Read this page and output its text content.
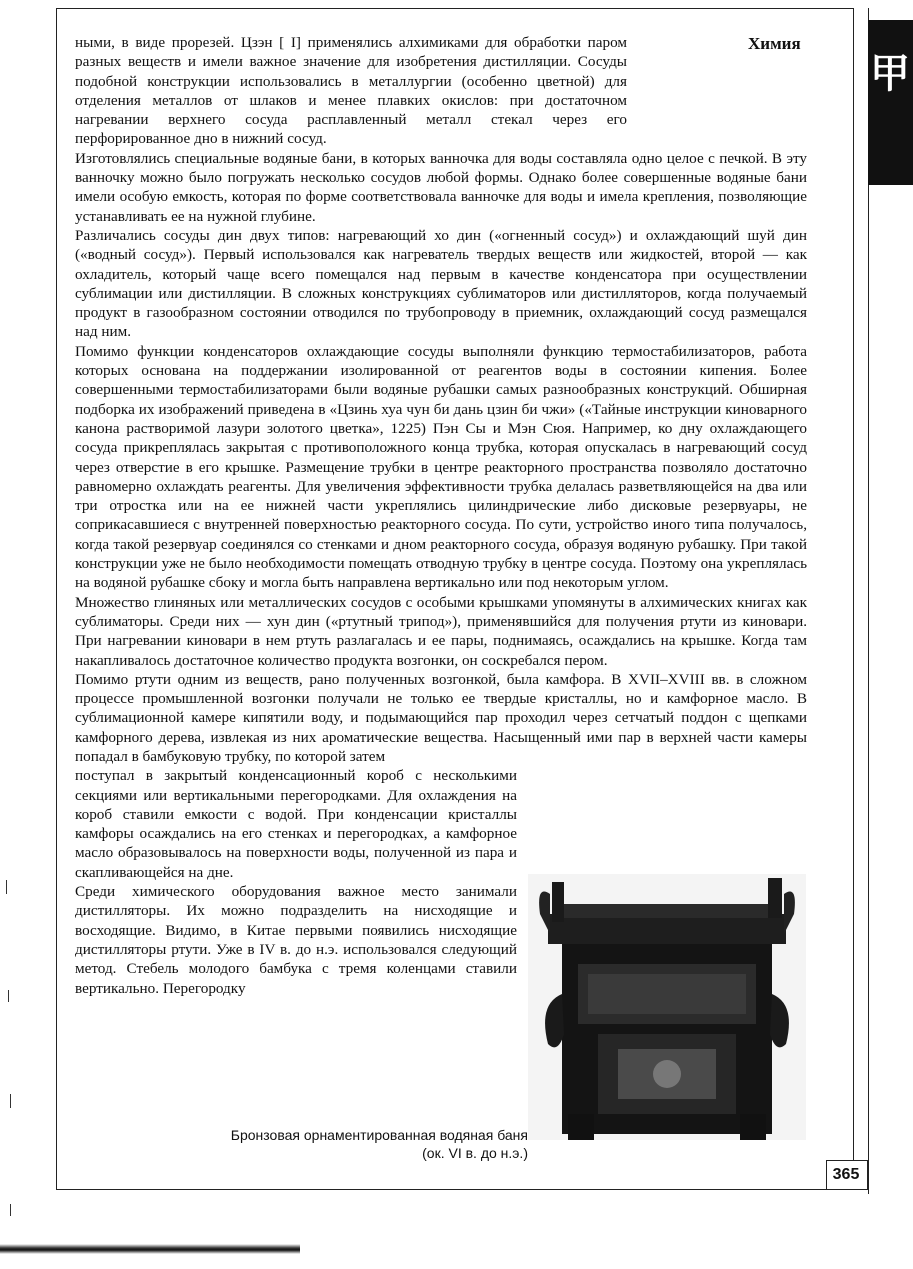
甲
Химия

ными, в виде прорезей. Цзэн [ I] применялись алхимиками для обработки паром разных веществ и имели важное значение для изобретения дистилляции. Сосуды подобной конструкции использовались в металлургии (особенно цветной) для отделения металлов от шлаков и менее плавких окислов: при достаточном нагревании верхнего сосуда расплавленный металл стекал через его перфорированное дно в нижний сосуд.

Изготовлялись специальные водяные бани, в которых ванночка для воды составляла одно целое с печкой. В эту ванночку можно было погружать несколько сосудов любой формы. Однако более совершенные водяные бани имели особую емкость, которая по форме соответствовала ванночке для воды и имела крепления, позволяющие устанавливать ее на нужной глубине.

Различались сосуды дин двух типов: нагревающий хо дин («огненный сосуд») и охлаждающий шуй дин («водный сосуд»). Первый использовался как нагреватель твердых веществ или жидкостей, второй — как охладитель, который чаще всего помещался над первым в качестве конденсатора при осуществлении сублимации или дистилляции. В сложных конструкциях сублиматоров или дистилляторов, когда получаемый продукт в газообразном состоянии отводился по трубопроводу в приемник, охлаждающий сосуд размещался над ним.

Помимо функции конденсаторов охлаждающие сосуды выполняли функцию термостабилизаторов, работа которых основана на поддержании изолированной от реагентов воды в состоянии кипения. Более совершенными термостабилизаторами были водяные рубашки самых разнообразных конструкций. Обширная подборка их изображений приведена в «Цзинь хуа чун би дань цзин би чжи» («Тайные инструкции киноварного канона растворимой лазури золотого цветка», 1225) Пэн Сы и Мэн Сюя. Например, ко дну охлаждающего сосуда прикреплялась закрытая с противоположного конца трубка, которая опускалась в нагревающий сосуд через отверстие в его крышке. Размещение трубки в центре реакторного пространства позволяло достаточно равномерно охлаждать реагенты. Для увеличения эффективности трубка делалась разветвляющейся на два или три отростка или на ее нижней части укреплялись цилиндрические либо дисковые резервуары, не соприкасавшиеся с внутренней поверхностью реакторного сосуда. По сути, устройство иного типа получалось, когда такой резервуар соединялся со стенками и дном реакторного сосуда, образуя водяную рубашку. При такой конструкции уже не было необходимости помещать отводную трубку в центре сосуда. Поэтому она укреплялась на водяной рубашке сбоку и могла быть направлена вертикально или под некоторым углом.

Множество глиняных или металлических сосудов с особыми крышками упомянуты в алхимических книгах как сублиматоры. Среди них — хун дин («ртутный трипод»), применявшийся для получения ртути из киновари. При нагревании киновари в нем ртуть разлагалась и ее пары, поднимаясь, осаждались на крышке. Когда там накапливалось достаточное количество продукта возгонки, он соскребался пером.

Помимо ртути одним из веществ, рано полученных возгонкой, была камфора. В XVII–XVIII вв. в сложном процессе промышленной возгонки получали не только ее твердые кристаллы, но и камфорное масло. В сублимационной камере кипятили воду, и подымающийся пар проходил через сетчатый поддон с щепками камфорного дерева, извлекая из них ароматические вещества. Насыщенный ими пар в верхней части камеры попадал в бамбуковую трубку, по которой затем

поступал в закрытый конденсационный короб с несколькими секциями или вертикальными перегородками. Для охлаждения на короб ставили емкости с водой. При конденсации кристаллы камфоры осаждались на его стенках и перегородках, а камфорное масло образовывалось на поверхности воды, полученной из пара и скапливающейся на дне.

Среди химического оборудования важное место занимали дистилляторы. Их можно подразделить на нисходящие и восходящие. Видимо, в Китае первыми появились нисходящие дистилляторы ртути. Уже в IV в. до н.э. использовался следующий метод. Стебель молодого бамбука с тремя коленцами ставили вертикально. Перегородку

Бронзовая орнаментированная водяная баня
(ок. VI в. до н.э.)
365
